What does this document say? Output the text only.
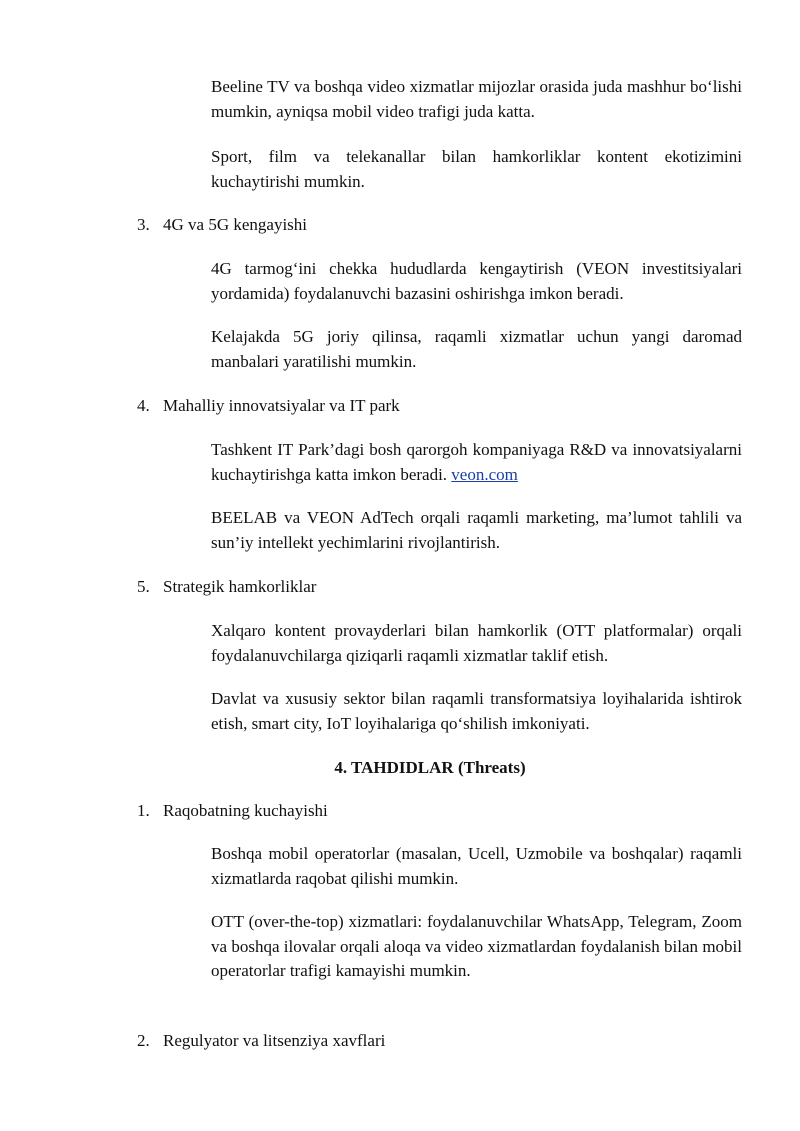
Beeline TV va boshqa video xizmatlar mijozlar orasida juda mashhur bo‘lishi mumkin, ayniqsa mobil video trafigi juda katta.

Sport, film va telekanallar bilan hamkorliklar kontent ekotizimini kuchaytirishi mumkin.

3. 4G va 5G kengayishi

4G tarmog‘ini chekka hududlarda kengaytirish (VEON investitsiyalari yordamida) foydalanuvchi bazasini oshirishga imkon beradi.

Kelajakda 5G joriy qilinsa, raqamli xizmatlar uchun yangi daromad manbalari yaratilishi mumkin.

4. Mahalliy innovatsiyalar va IT park

Tashkent IT Park’dagi bosh qarorgoh kompaniyaga R&D va innovatsiyalarni kuchaytirishga katta imkon beradi. veon.com

BEELAB va VEON AdTech orqali raqamli marketing, ma’lumot tahlili va sun’iy intellekt yechimlarini rivojlantirish.

5. Strategik hamkorliklar

Xalqaro kontent provayderlari bilan hamkorlik (OTT platformalar) orqali foydalanuvchilarga qiziqarli raqamli xizmatlar taklif etish.

Davlat va xususiy sektor bilan raqamli transformatsiya loyihalarida ishtirok etish, smart city, IoT loyihalariga qo‘shilish imkoniyati.

4. TAHDIDLAR (Threats)

1. Raqobatning kuchayishi

Boshqa mobil operatorlar (masalan, Ucell, Uzmobile va boshqalar) raqamli xizmatlarda raqobat qilishi mumkin.

OTT (over-the-top) xizmatlari: foydalanuvchilar WhatsApp, Telegram, Zoom va boshqa ilovalar orqali aloqa va video xizmatlardan foydalanish bilan mobil operatorlar trafigi kamayishi mumkin.

2. Regulyator va litsenziya xavflari
